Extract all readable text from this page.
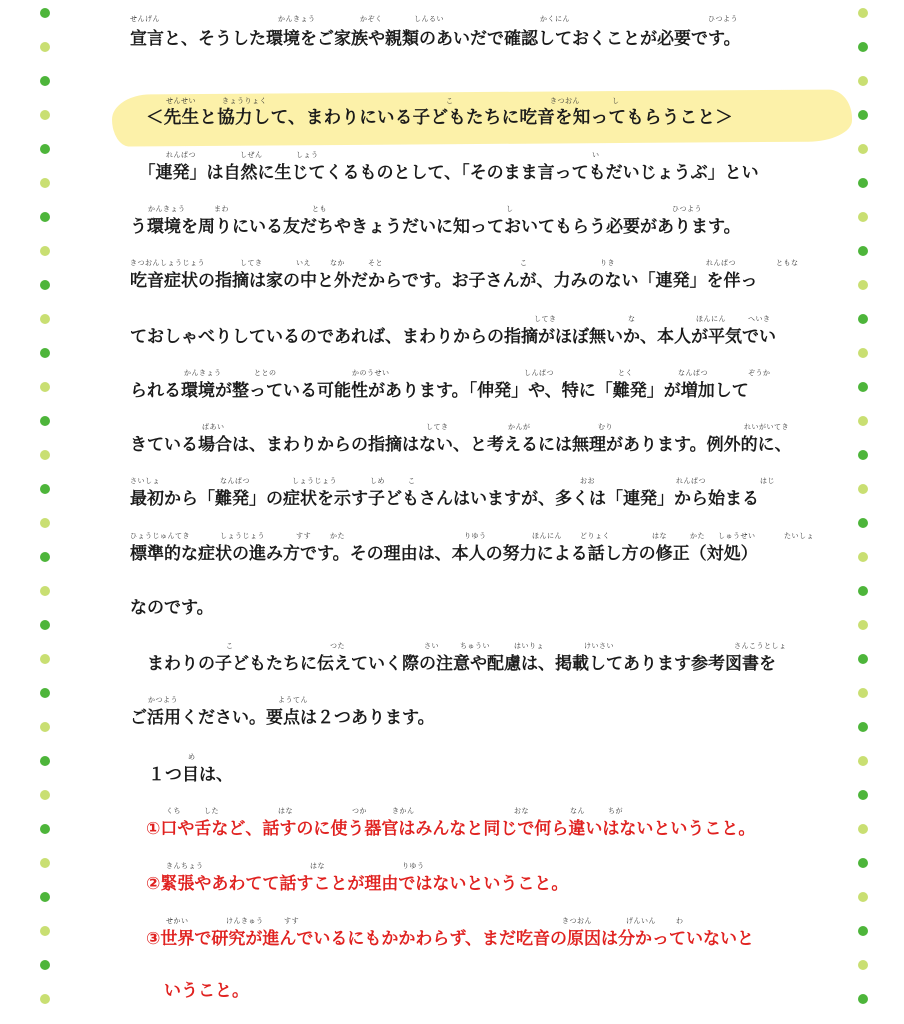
宣言と、そうした環境をご家族や親類のあいだで確認しておくことが必要です。
＜先生と協力して、まわりにいる子どもたちに吃音を知ってもらうこと＞
　「連発」は自然に生じてくるものとして、「そのまま言ってもだいじょうぶ」とい
う環境を周りにいる友だちやきょうだいに知っておいてもらう必要があります。
吃音症状の指摘は家の中と外だからです。お子さんが、力みのない「連発」を伴っ
ておしゃべりしているのであれば、まわりからの指摘がほぼ無いか、本人が平気でい
られる環境が整っている可能性があります。「伸発」や、特に「難発」が増加して
きている場合は、まわりからの指摘はない、と考えるには無理があります。例外的に、
最初から「難発」の症状を示す子どもさんはいますが、多くは「連発」から始まる
標準的な症状の進み方です。その理由は、本人の努力による話し方の修正（対処）
なのです。
　まわりの子どもたちに伝えていく際の注意や配慮は、掲載してあります参考図書を
ご活用ください。要点は２つあります。
１つ目は、
①口や舌など、話すのに使う器官はみんなと同じで何ら違いはないということ。
②緊張やあわてて話すことが理由ではないということ。
③世界で研究が進んでいるにもかかわらず、まだ吃音の原因は分かっていないと
いうこと。
せんげん	かんきょう	かぞく	しんるい	かくにん	ひつよう
せんせい	きょうりょく	こ	きつおん	し
れんぱつ	しぜん	しょう	い
かんきょう	まわ	とも	し	ひつよう
きつおんしょうじょう	してき	いえ	なか	そと	こ	りき	れんぱつ	ともな
してき	な	ほんにん	へいき
かんきょう	ととの	かのうせい	しんぱつ	とく	なんぱつ	ぞうか
ばあい	してき	かんが	むり	れいがいてき
さいしょ	なんぱつ	しょうじょう	しめ	こ	おお	れんぱつ	はじ
ひょうじゅんてき	しょうじょう	すす	かた	りゆう	ほんにん	どりょく	はな	かた しゅうせい	たいしょ
こ	つた	さい	ちゅうい	はいりょ	けいさい	さんこうとしょ
かつよう	ようてん
め
くち	した	はな	つか	きかん	おな	なん	ちが
きんちょう	はな	りゆう
せかい	けんきゅう	すす	きつおん	げんいん	わ
